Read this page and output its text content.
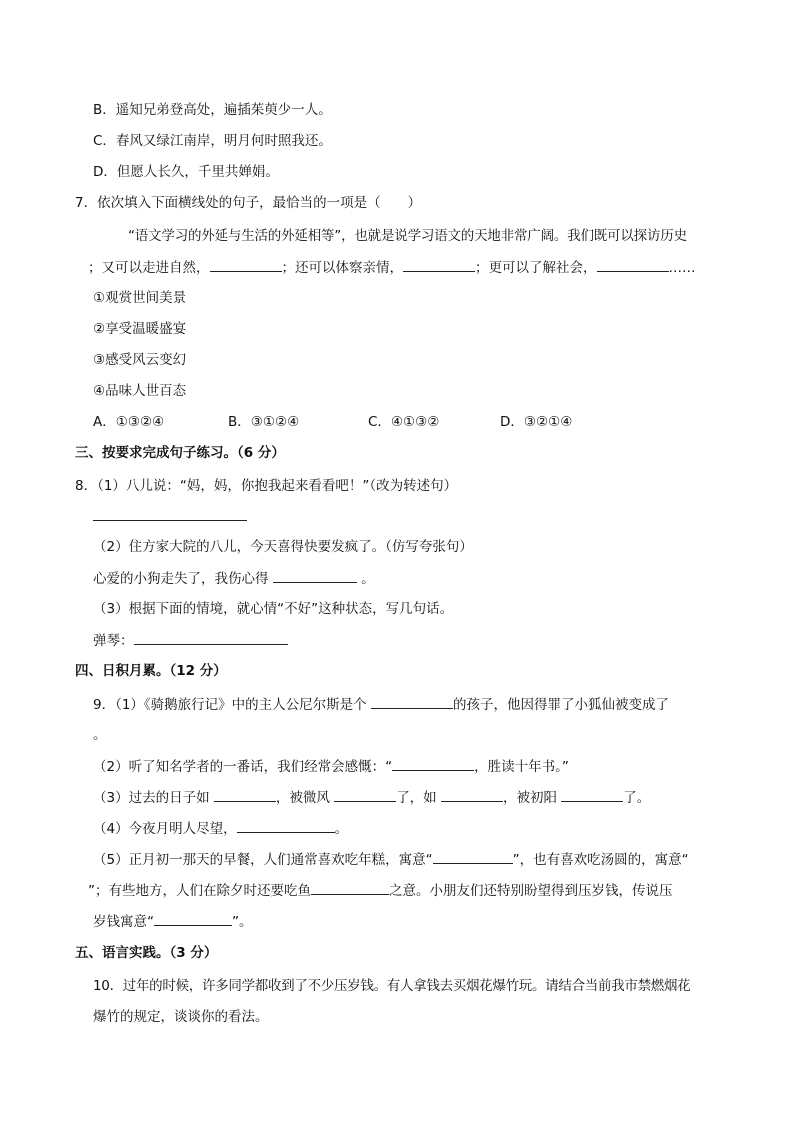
B．遥知兄弟登高处，遍插茱萸少一人。
C．春风又绿江南岸，明月何时照我还。
D．但愿人长久，千里共婵娟。
7．依次填入下面横线处的句子，最恰当的一项是（　　）
“语文学习的外延与生活的外延相等”，也就是说学习语文的天地非常广阔。我们既可以探访历史
；又可以走进自然，	；还可以体察亲情，	；更可以了解社会，	……
①观赏世间美景
②享受温暖盛宴
③感受风云变幻
④品味人世百态
A．①③②④	B．③①②④	C．④①③②	D．③②①④
三、按要求完成句子练习。（6 分）
8．（1）八儿说：“妈，妈，你抱我起来看看吧！”（改为转述句）
（2）住方家大院的八儿，今天喜得快要发疯了。（仿写夸张句）
心爱的小狗走失了，我伤心得	。
（3）根据下面的情境，就心情“不好”这种状态，写几句话。
弹琴：
四、日积月累。（12 分）
9．（1）《骑鹅旅行记》中的主人公尼尔斯是个	的孩子，他因得罪了小狐仙被变成了
。
（2）听了知名学者的一番话，我们经常会感慨：“	，胜读十年书。”
（3）过去的日子如	，被微风	了，如	，被初阳	了。
（4）今夜月明人尽望，	。
（5）正月初一那天的早餐，人们通常喜欢吃年糕，寓意“	”，也有喜欢吃汤圆的，寓意“
”；有些地方，人们在除夕时还要吃鱼	之意。小朋友们还特别盼望得到压岁钱，传说压
岁钱寓意“	”。
五、语言实践。（3 分）
10．过年的时候，许多同学都收到了不少压岁钱。有人拿钱去买烟花爆竹玩。请结合当前我市禁燃烟花
爆竹的规定，谈谈你的看法。
